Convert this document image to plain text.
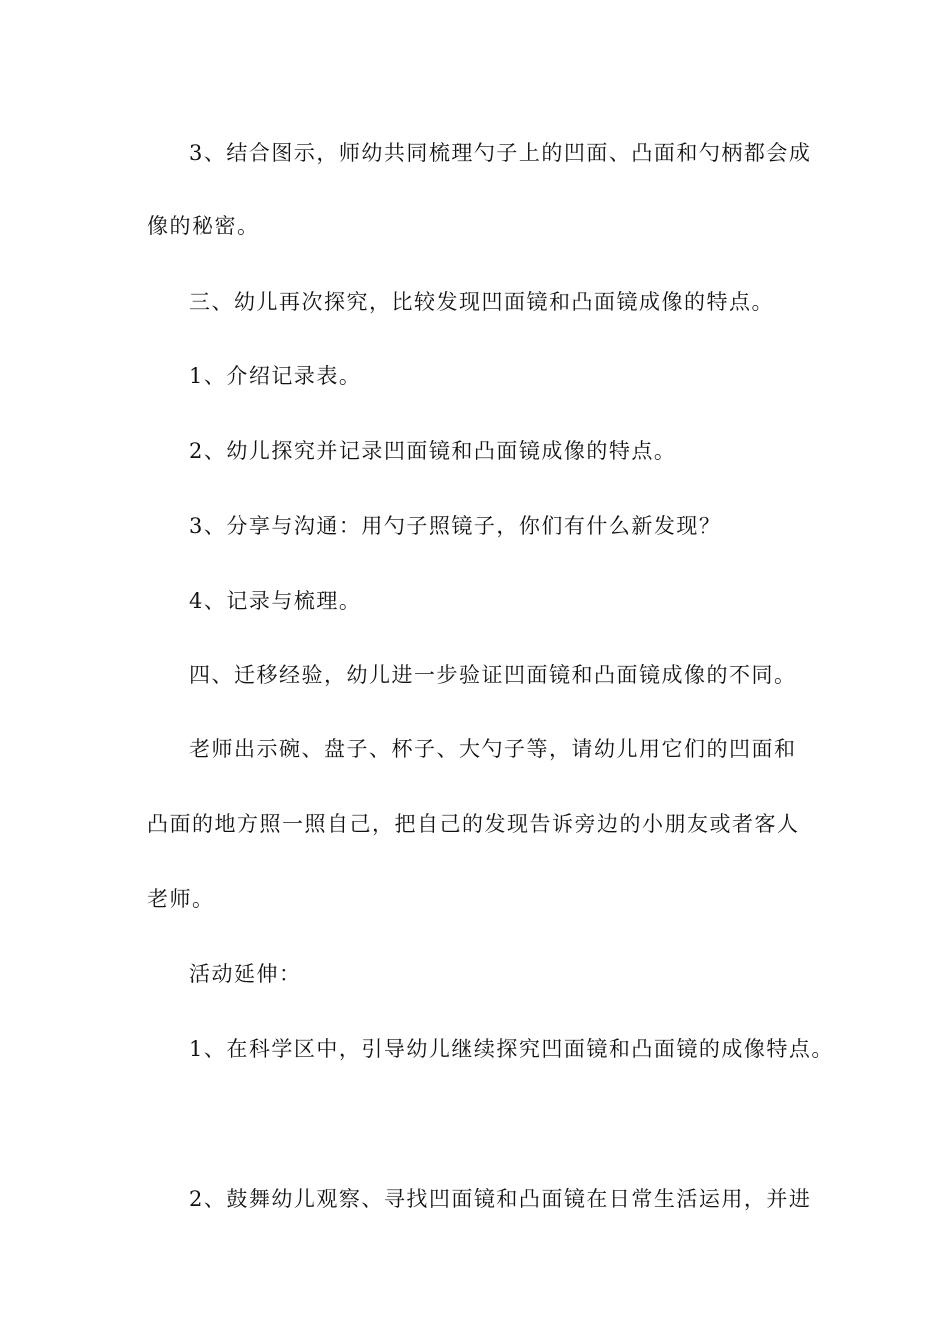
3、结合图示，师幼共同梳理勺子上的凹面、凸面和勺柄都会成

像的秘密。

三、幼儿再次探究，比较发现凹面镜和凸面镜成像的特点。

1、介绍记录表。

2、幼儿探究并记录凹面镜和凸面镜成像的特点。

3、分享与沟通：用勺子照镜子，你们有什么新发现？

4、记录与梳理。

四、迁移经验，幼儿进一步验证凹面镜和凸面镜成像的不同。

老师出示碗、盘子、杯子、大勺子等，请幼儿用它们的凹面和

凸面的地方照一照自己，把自己的发现告诉旁边的小朋友或者客人

老师。

活动延伸：

1、在科学区中，引导幼儿继续探究凹面镜和凸面镜的成像特点。

2、鼓舞幼儿观察、寻找凹面镜和凸面镜在日常生活运用，并进
